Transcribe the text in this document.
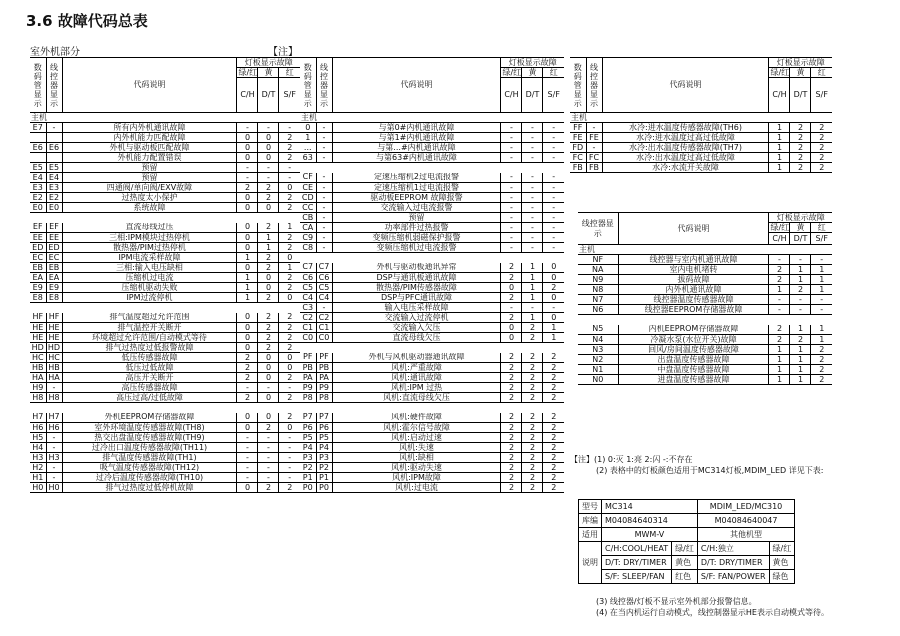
3.6 故障代码总表
室外机部分	【注】
数
码
管
显
示	线
控
器
显
示	代码说明	灯板显示故障		
			绿/红	黄	红
			C/H	D/T	S/F
主机					
E7	-	所有内外机通讯故障	-	-	-
		内外机能力匹配故障	0	0	2
E6	E6	外机与驱动板匹配故障	0	0	2
		外机能力配置错误	0	0	2
E5	E5	预留	-	-	-
E4	E4	预留	-	-	-
E3	E3	四通阀/单向阀/EXV故障	2	2	0
E2	E2	过热度太小保护	0	2	2
E0	E0	系统故障	0	0	2

EF	EF	直流母线过压	0	2	1
EE	EE	三相:IPM模块过热停机	0	1	2
ED	ED	散热器/PIM过热停机	0	1	2
EC	EC	IPM电流采样故障	1	2	0
EB	EB	三相:输入电压缺相	0	2	1
EA	EA	压缩机过电流	1	0	2
E9	E9	压缩机驱动失败	1	0	2
E8	E8	IPM过流停机	1	2	0

HF	HF	排气温度超过允许范围	0	2	2
HE	HE	排气温控开关断开	0	2	2
HE	HE	环境超过允许范围/自动模式等待	0	2	2
HD	HD	排气过热度过低报警故障	0	2	2
HC	HC	低压传感器故障	2	0	0
HB	HB	低压过低故障	2	0	0
HA	HA	高压开关断开	2	0	2
H9	-	高压传感器故障	-	-	-
H8	H8	高压过高/过低故障	2	0	2

H7	H7	外机EEPROM存储器故障	0	0	2
H6	H6	室外环境温度传感器故障(TH8)	0	2	0
H5	-	热交出盘温度传感器故障(TH9)	-	-	-
H4	-	过冷出口温度传感器故障(TH11)	-	-	-
H3	H3	排气温度传感器故障(TH1)	-	-	-
H2	-	吸气温度传感器故障(TH12)	-	-	-
H1	-	过冷后温度传感器故障(TH10)	-	-	-
H0	H0	排气过热度过低停机故障	0	2	2
数
码
管
显
示	线
控
器
显
示	代码说明	灯板显示故障		
			绿/红	黄	红
			C/H	D/T	S/F
主机					
0	-	与第0#内机通讯故障	-	-	-
1	-	与第1#内机通讯故障	-	-	-
...	-	与第...#内机通讯故障	-	-	-
63	-	与第63#内机通讯故障	-	-	-

CF	-	定速压缩机2过电流报警	-	-	-
CE	-	定速压缩机1过电流报警	-	-	-
CD	-	驱动板EEPROM 故障报警	-	-	-
CC	-	交流输入过电流报警	-	-	-
CB	-	预留	-	-	-
CA	-	功率部件过热报警	-	-	-
C9	-	变频压缩机弱磁保护报警	-	-	-
C8	-	变频压缩机过电流报警	-	-	-

C7	C7	外机与驱动板通讯异常	2	1	0
C6	C6	DSP与通讯板通讯故障	2	1	0
C5	C5	散热器/PIM传感器故障	0	1	2
C4	C4	DSP与PFC通讯故障	2	1	0
C3	-	输入电压采样故障	-	-	-
C2	C2	交流输入过流停机	2	1	0
C1	C1	交流输入欠压	0	2	1
C0	C0	直流母线欠压	0	2	1

PF	PF	外机与风机驱动器通讯故障	2	2	2
PB	PB	风机:严重故障	2	2	2
PA	PA	风机:通讯故障	2	2	2
P9	P9	风机:IPM 过热	2	2	2
P8	P8	风机:直流母线欠压	2	2	2

P7	P7	风机:硬件故障	2	2	2
P6	P6	风机:霍尔信号故障	2	2	2
P5	P5	风机:启动过速	2	2	2
P4	P4	风机:失速	2	2	2
P3	P3	风机:缺相	2	2	2
P2	P2	风机:驱动失速	2	2	2
P1	P1	风机:IPM故障	2	2	2
P0	P0	风机:过电流	2	2	2
数
码
管
显
示	线
控
器
显
示	代码说明	灯板显示故障		
			绿/红	黄	红
			C/H	D/T	S/F
主机					
FF	-	水冷:进水温度传感器故障(TH6)	1	2	2
FE	FE	水冷:进水温度过高过低故障	1	2	2
FD	-	水冷:出水温度传感器故障(TH7)	1	2	2
FC	FC	水冷:出水温度过高过低故障	1	2	2
FB	FB	水冷:水流开关故障	1	2	2
线控器显示	代码说明	灯板显示故障		
		绿/红	黄	红
		C/H	D/T	S/F
主机				
NF	线控器与室内机通讯故障	-	-	-
NA	室内电机堵转	2	1	1
N9	拔码故障	2	1	1
N8	内外机通讯故障	1	2	1
N7	线控器温度传感器故障	-	-	-
N6	线控器EEPROM存储器故障	-	-	-

N5	内机EEPROM存储器故障	2	1	1
N4	冷凝水泵(水位开关)故障	2	2	1
N3	回风/房间温度传感器故障	1	1	2
N2	出盘温度传感器故障	1	1	2
N1	中盘温度传感器故障	1	1	2
N0	进盘温度传感器故障	1	1	2
【注】(1) 0:灭 1:亮 2:闪 -:不存在
(2) 表格中的灯板颜色适用于MC314灯板,MDIM_LED 详见下表:
型号	MC314		MDIM_LED/MC310	
库编	M04084640314		M04084640047	
适用	MWM-V		其他机型	
说明	C/H:COOL/HEAT	绿/红	C/H:独立	绿/红
	D/T: DRY/TIMER	黄色	D/T: DRY/TIMER	黄色
	S/F: SLEEP/FAN	红色	S/F: FAN/POWER	绿色
(3) 线控器/灯板不显示室外机部分报警信息。
(4) 在当内机运行自动模式，线控制器显示HE表示自动模式等待。
